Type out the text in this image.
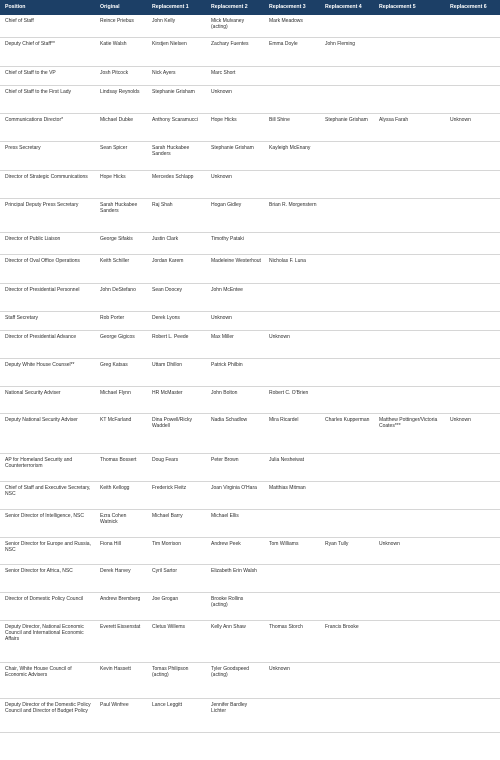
Position	Original	Replacement 1	Replacement 2	Replacement 3	Replacement 4	Replacement 5	Replacement 6
Chief of Staff	Reince Priebus	John Kelly	Mick Mulvaney (acting)	Mark Meadows			
Deputy Chief of Staff**	Katie Walsh	Kirstjen Nielsen	Zachary Fuentes	Emma Doyle	John Fleming		
Chief of Staff to the VP	Josh Pitcock	Nick Ayers	Marc Short				
Chief of Staff to the First Lady	Lindsay Reynolds	Stephanie Grisham	Unknown				
Communications Director*	Michael Dubke	Anthony Scaramucci	Hope Hicks	Bill Shine	Stephanie Grisham	Alyssa Farah	Unknown
Press Secretary	Sean Spicer	Sarah Huckabee Sanders	Stephanie Grisham	Kayleigh McEnany			
Director of Strategic Communications	Hope Hicks	Mercedes Schlapp	Unknown				
Principal Deputy Press Secretary	Sarah Huckabee Sanders	Raj Shah	Hogan Gidley	Brian R. Morgenstern			
Director of Public Liaison	George Sifakis	Justin Clark	Timothy Pataki				
Director of Oval Office Operations	Keith Schiller	Jordan Karem	Madeleine Westerhout	Nicholas F. Luna			
Director of Presidential Personnel	John DeStefano	Sean Doocey	John McEntee				
Staff Secretary	Rob Porter	Derek Lyons	Unknown				
Director of Presidential Advance	George Gigicos	Robert L. Peede	Max Miller	Unknown			
Deputy White House Counsel**	Greg Katsas	Uttam Dhillon	Patrick Philbin				
National Security Adviser	Michael Flynn	HR McMaster	John Bolton	Robert C. O'Brien			
Deputy National Security Adviser	KT McFarland	Dina Powell/Ricky Waddell	Nadia Schadlow	Mira Ricardel	Charles Kupperman	Matthew Pottinger/Victoria Coates***	Unknown
AP for Homeland Security and Counterterrorism	Thomas Bossert	Doug Fears	Peter Brown	Julia Nesheiwat			
Chief of Staff and Executive Secretary, NSC	Keith Kellogg	Frederick Fleitz	Joan Virginia O'Hara	Matthias Mitman			
Senior Director of Intelligence, NSC	Ezra Cohen Watnick	Michael Barry	Michael Ellis				
Senior Director for Europe and Russia, NSC	Fiona Hill	Tim Morrison	Andrew Peek	Tom Williams	Ryan Tully	Unknown	
Senior Director for Africa, NSC	Derek Harvey	Cyril Sartor	Elizabeth Erin Walsh				
Director of Domestic Policy Council	Andrew Bremberg	Joe Grogan	Brooke Rollins (acting)				
Deputy Director, National Economic Council and International Economic Affairs	Everett Eissenstat	Cletus Willems	Kelly Ann Shaw	Thomas Storch	Francis Brooke		
Chair, White House Council of Economic Advisers	Kevin Hassett	Tomas Philipson (acting)	Tyler Goodspeed (acting)	Unknown			
Deputy Director of the Domestic Policy Council and Director of Budget Policy	Paul Winfree	Lance Leggitt	Jennifer Bardley Lichter				
